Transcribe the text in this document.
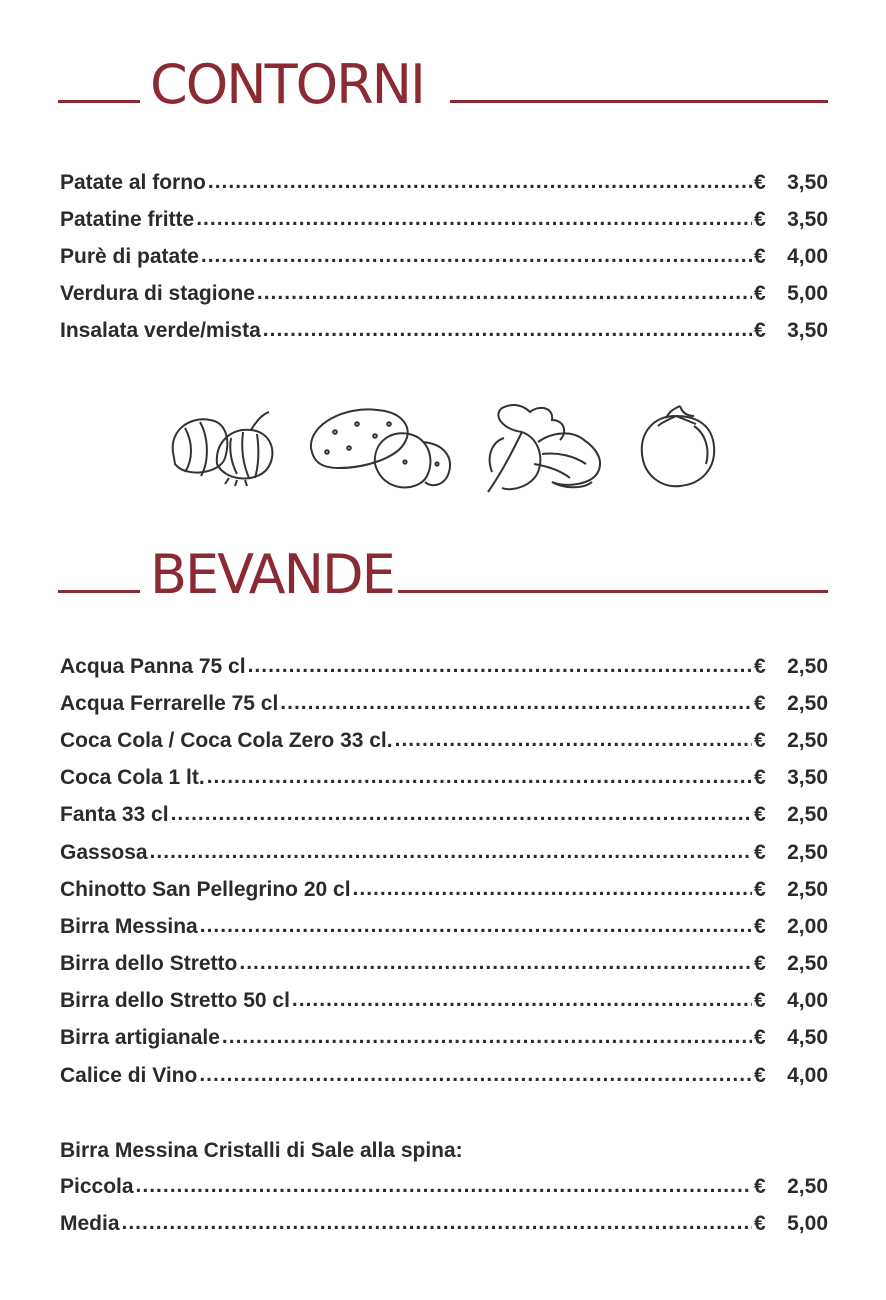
CONTORNI
Patate al forno .....	€	3,50
Patatine fritte .....	€	3,50
Purè di patate .....	€	4,00
Verdura di stagione .....	€	5,00
Insalata verde/mista .....	€	3,50
BEVANDE
Acqua Panna 75 cl .....	€	2,50
Acqua Ferrarelle 75 cl .....	€	2,50
Coca Cola / Coca Cola Zero 33 cl. .....	€	2,50
Coca Cola 1 lt. .....	€	3,50
Fanta 33 cl .....	€	2,50
Gassosa .....	€	2,50
Chinotto San Pellegrino 20 cl .....	€	2,50
Birra Messina .....	€	2,00
Birra dello Stretto .....	€	2,50
Birra dello Stretto 50 cl .....	€	4,00
Birra artigianale .....	€	4,50
Calice di Vino .....	€	4,00
Birra Messina Cristalli di Sale alla spina:
Piccola .....	€	2,50
Media .....	€	5,00
